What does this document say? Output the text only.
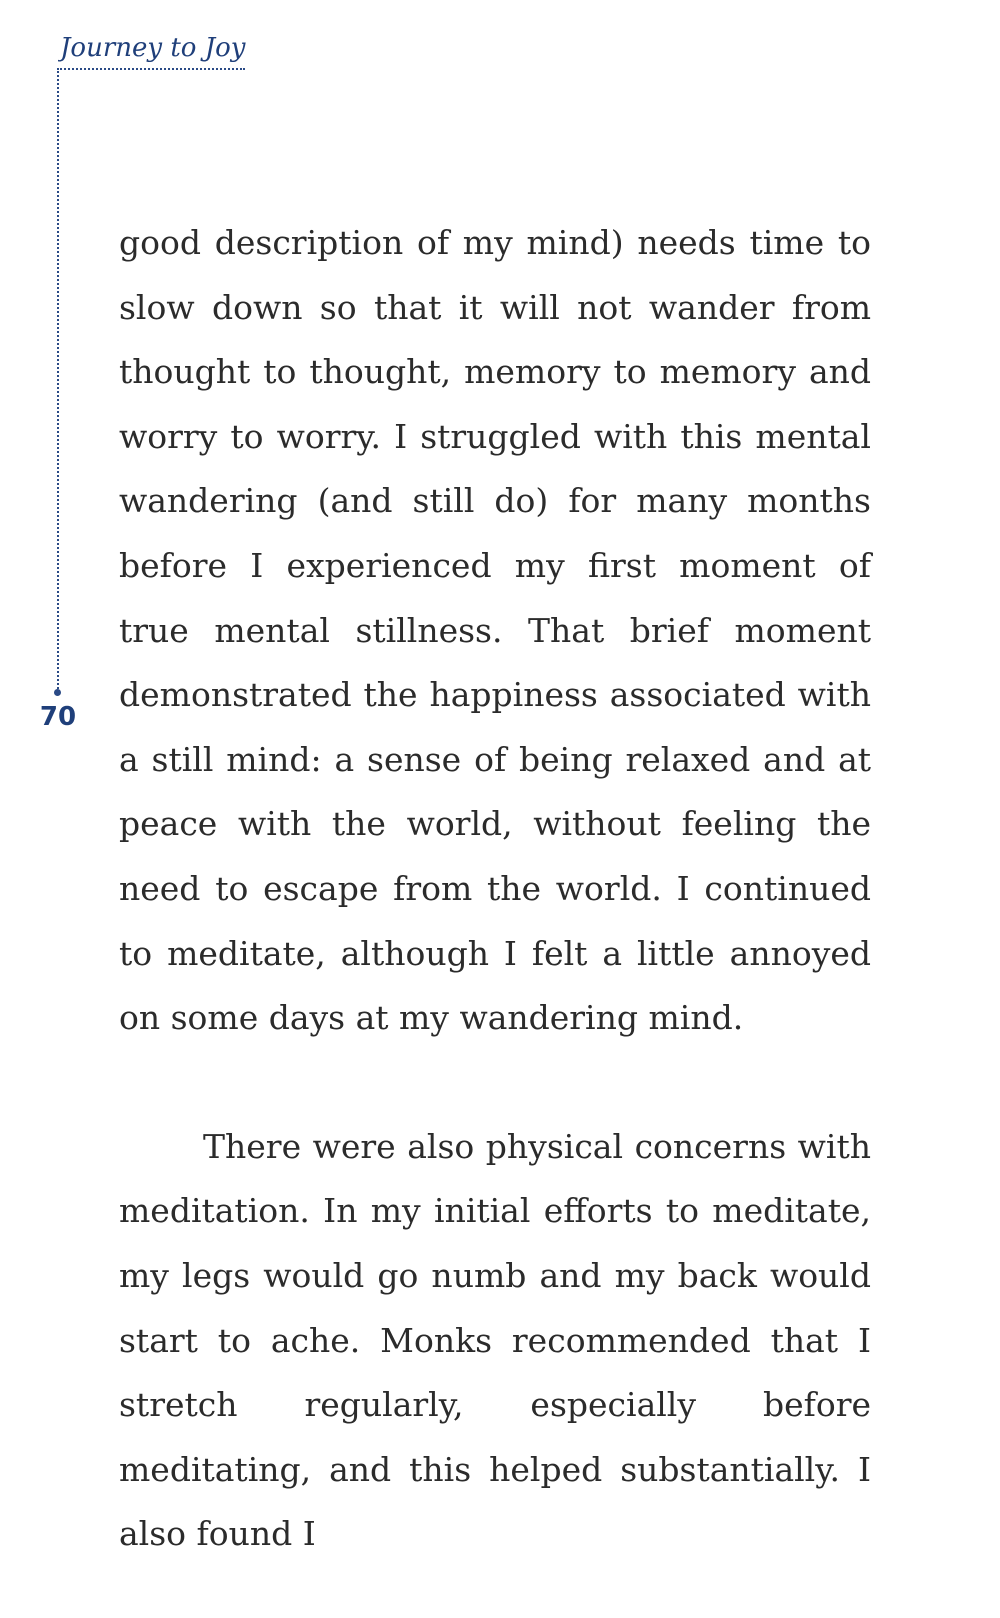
Journey to Joy
70

good description of my mind) needs time to slow down so that it will not wander from thought to thought, memory to memory and worry to worry. I struggled with this mental wandering (and still do) for many months before I experienced my first moment of true mental stillness. That brief moment demonstrated the happiness associated with a still mind: a sense of being relaxed and at peace with the world, without feeling the need to escape from the world. I continued to meditate, although I felt a little annoyed on some days at my wandering mind.

There were also physical concerns with meditation. In my initial efforts to meditate, my legs would go numb and my back would start to ache. Monks recommended that I stretch regularly, especially before meditating, and this helped substantially. I also found I
